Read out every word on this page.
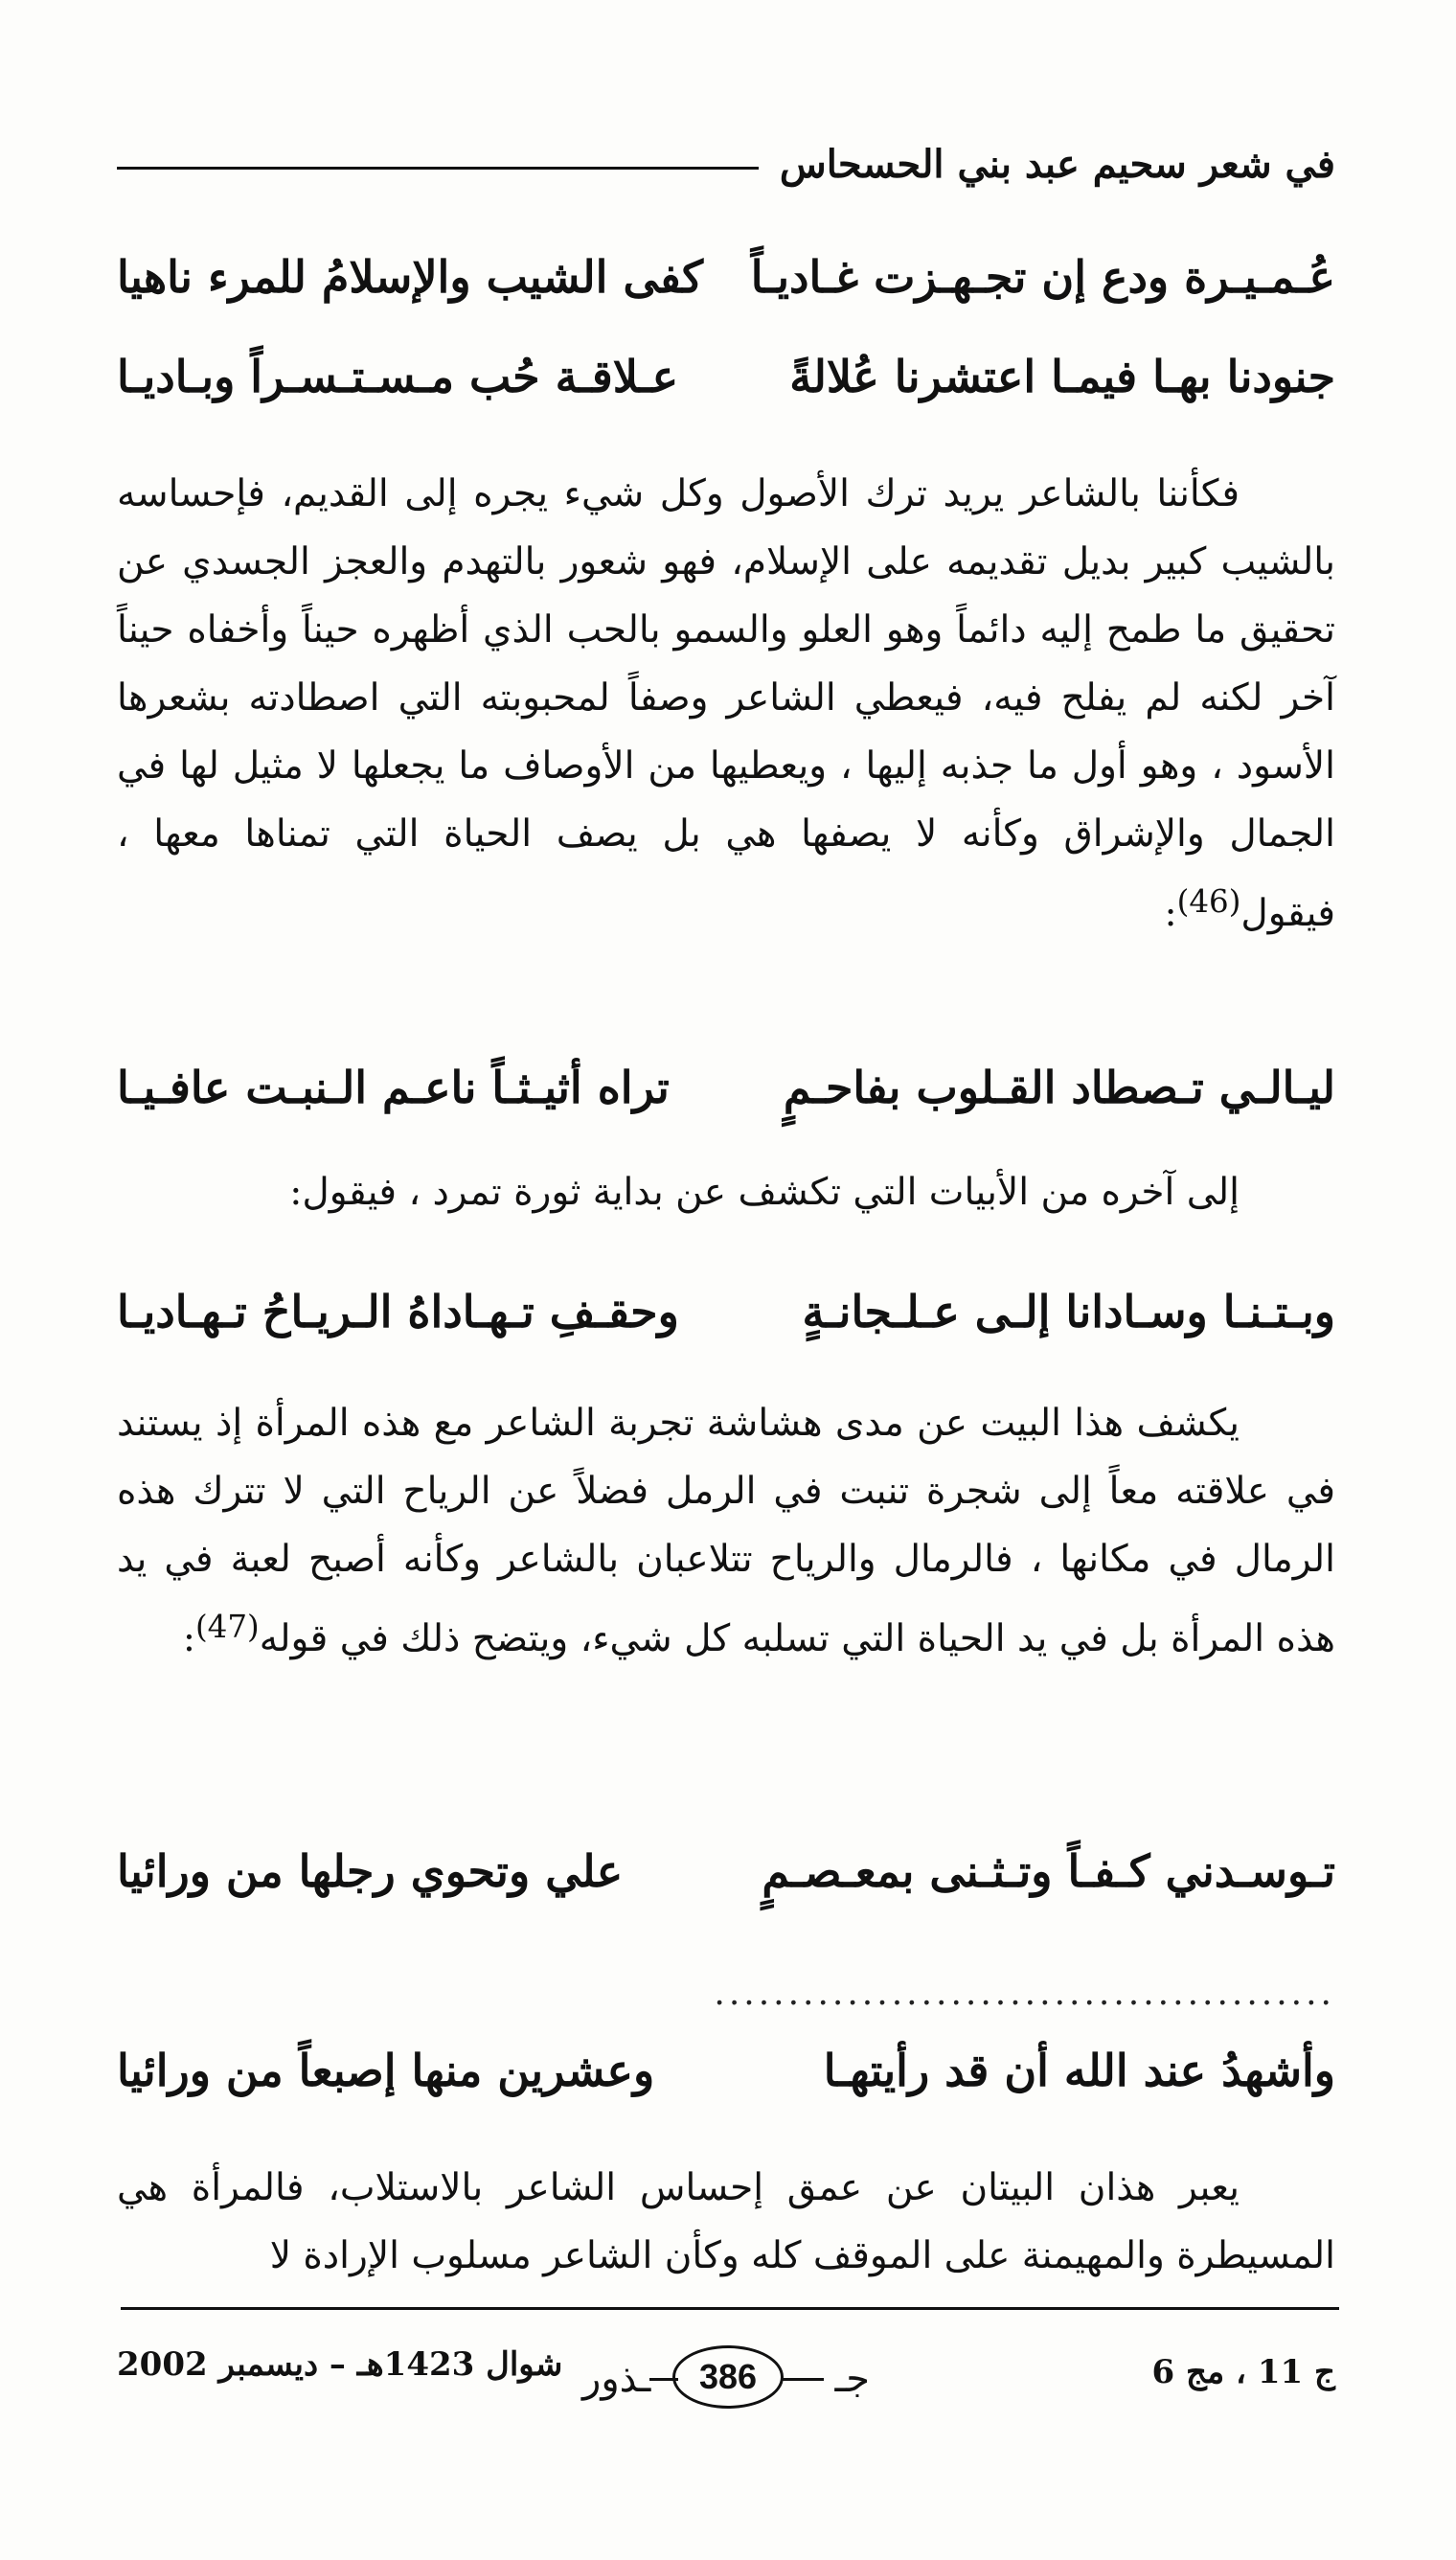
في شعر سحيم عبد بني الحسحاس
عُـمـيـرة ودع إن تجـهـزت غـاديـاً
كفى الشيب والإسلامُ للمرء ناهيا
جنودنا بهـا فيمـا اعتشرنا عُلالةً
عـلاقـة حُب مـسـتـسـراً وبـاديـا

فكأننا بالشاعر يريد ترك الأصول وكل شيء يجره إلى القديم، فإحساسه بالشيب كبير بديل تقديمه على الإسلام، فهو شعور بالتهدم والعجز الجسدي عن تحقيق ما طمح إليه دائماً وهو العلو والسمو بالحب الذي أظهره حيناً وأخفاه حيناً آخر لكنه لم يفلح فيه، فيعطي الشاعر وصفاً لمحبوبته التي اصطادته بشعرها الأسود ، وهو أول ما جذبه إليها ، ويعطيها من الأوصاف ما يجعلها لا مثيل لها في الجمال والإشراق وكأنه لا يصفها هي بل يصف الحياة التي تمناها معها ، فيقول$^{(46)}$:

ليـالـي تـصطاد القـلوب بفاحـمٍ
تراه أثيـثـاً ناعـم الـنبـت عافـيـا
إلى آخره من الأبيات التي تكشف عن بداية ثورة تمرد ، فيقول:
وبـتـنـا وسـادانا إلـى عـلـجانـةٍ
وحقـفِ تـهـاداهُ الـريـاحُ تـهـاديـا

يكشف هذا البيت عن مدى هشاشة تجربة الشاعر مع هذه المرأة إذ يستند في علاقته معاً إلى شجرة تنبت في الرمل فضلاً عن الرياح التي لا تترك هذه الرمال في مكانها ، فالرمال والرياح تتلاعبان بالشاعر وكأنه أصبح لعبة في يد هذه المرأة بل في يد الحياة التي تسلبه كل شيء، ويتضح ذلك في قوله$^{(47)}$:

تـوسـدني كـفـاً وتـثـنى بمعـصـمٍ
علي وتحوي رجلها من ورائيا
..........................................
وأشهدُ عند الله أن قد رأيتهـا
وعشرين منها إصبعاً من ورائيا

يعبر هذان البيتان عن عمق إحساس الشاعر بالاستلاب، فالمرأة هي المسيطرة والمهيمنة على الموقف كله وكأن الشاعر مسلوب الإرادة لا

ج 11 ، مج 6
جـ
386
ـذور
شوال 1423هـ – ديسمبر 2002
